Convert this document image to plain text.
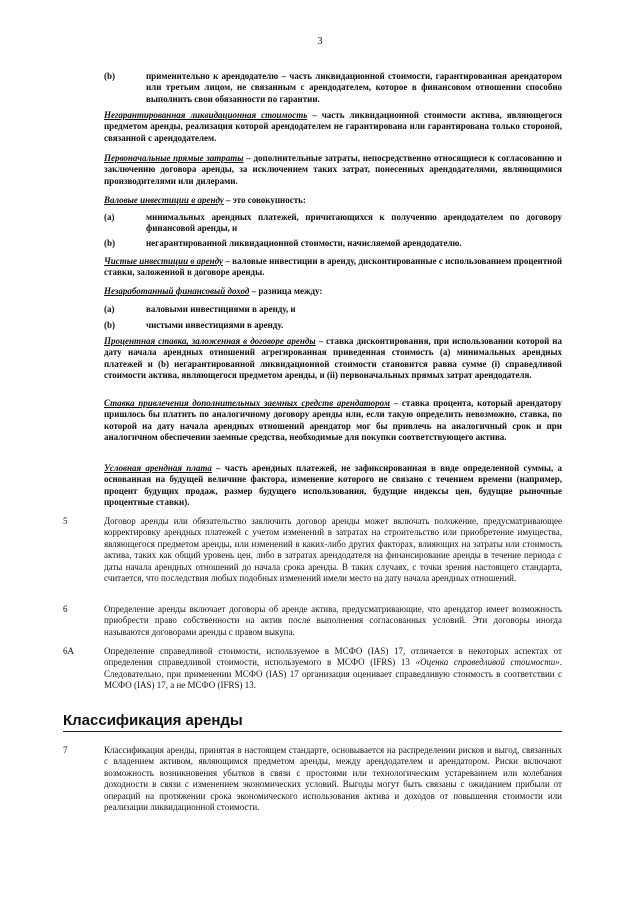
3
(b)	применительно к арендодателю – часть ликвидационной стоимости, гарантированная арендатором или третьим лицом, не связанным с арендодателем, которое в финансовом отношении способно выполнить свои обязанности по гарантии.
Негарантированная ликвидационная стоимость – часть ликвидационной стоимости актива, являющегося предметом аренды, реализация которой арендодателем не гарантирована или гарантирована только стороной, связанной с арендодателем.
Первоначальные прямые затраты – дополнительные затраты, непосредственно относящиеся к согласованию и заключению договора аренды, за исключением таких затрат, понесенных арендодателями, являющимися производителями или дилерами.
Валовые инвестиции в аренду – это совокупность:
(a)	минимальных арендных платежей, причитающихся к получению арендодателем по договору финансовой аренды, и
(b)	негарантированной ликвидационной стоимости, начисляемой арендодателю.
Чистые инвестиции в аренду – валовые инвестиции в аренду, дисконтированные с использованием процентной ставки, заложенной в договоре аренды.
Незаработанный финансовый доход – разница между:
(a)	валовыми инвестициями в аренду, и
(b)	чистыми инвестициями в аренду.
Процентная ставка, заложенная в договоре аренды – ставка дисконтирования, при использовании которой на дату начала арендных отношений агрегированная приведенная стоимость (a) минимальных арендных платежей и (b) негарантированной ликвидационной стоимости становится равна сумме (i) справедливой стоимости актива, являющегося предметом аренды, и (ii) первоначальных прямых затрат арендодателя.
Ставка привлечения дополнительных заемных средств арендатором – ставка процента, который арендатору пришлось бы платить по аналогичному договору аренды или, если такую определить невозможно, ставка, по которой на дату начала арендных отношений арендатор мог бы привлечь на аналогичный срок и при аналогичном обеспечении заемные средства, необходимые для покупки соответствующего актива.
Условная арендная плата – часть арендных платежей, не зафиксированная в виде определенной суммы, а основанная на будущей величине фактора, изменение которого не связано с течением времени (например, процент будущих продаж, размер будущего использования, будущие индексы цен, будущие рыночные процентные ставки).
5	Договор аренды или обязательство заключить договор аренды может включать положение, предусматривающее корректировку арендных платежей с учетом изменений в затратах на строительство или приобретение имущества, являющегося предметом аренды, или изменений в каких-либо других факторах, влияющих на затраты или стоимость актива, таких как общий уровень цен, либо в затратах арендодателя на финансирование аренды в течение периода с даты начала арендных отношений до начала срока аренды. В таких случаях, с точки зрения настоящего стандарта, считается, что последствия любых подобных изменений имели место на дату начала арендных отношений.
6	Определение аренды включает договоры об аренде актива, предусматривающие, что арендатор имеет возможность приобрести право собственности на актив после выполнения согласованных условий. Эти договоры иногда называются договорами аренды с правом выкупа.
6A	Определение справедливой стоимости, используемое в МСФО (IAS) 17, отличается в некоторых аспектах от определения справедливой стоимости, используемого в МСФО (IFRS) 13 «Оценка справедливой стоимости». Следовательно, при применении МСФО (IAS) 17 организация оценивает справедливую стоимость в соответствии с МСФО (IAS) 17, а не МСФО (IFRS) 13.
Классификация аренды
7	Классификация аренды, принятая в настоящем стандарте, основывается на распределении рисков и выгод, связанных с владением активом, являющимся предметом аренды, между арендодателем и арендатором. Риски включают возможность возникновения убытков в связи с простоями или технологическим устареванием или колебания доходности в связи с изменением экономических условий. Выгоды могут быть связаны с ожиданием прибыли от операций на протяжении срока экономического использования актива и доходов от повышения стоимости или реализации ликвидационной стоимости.
